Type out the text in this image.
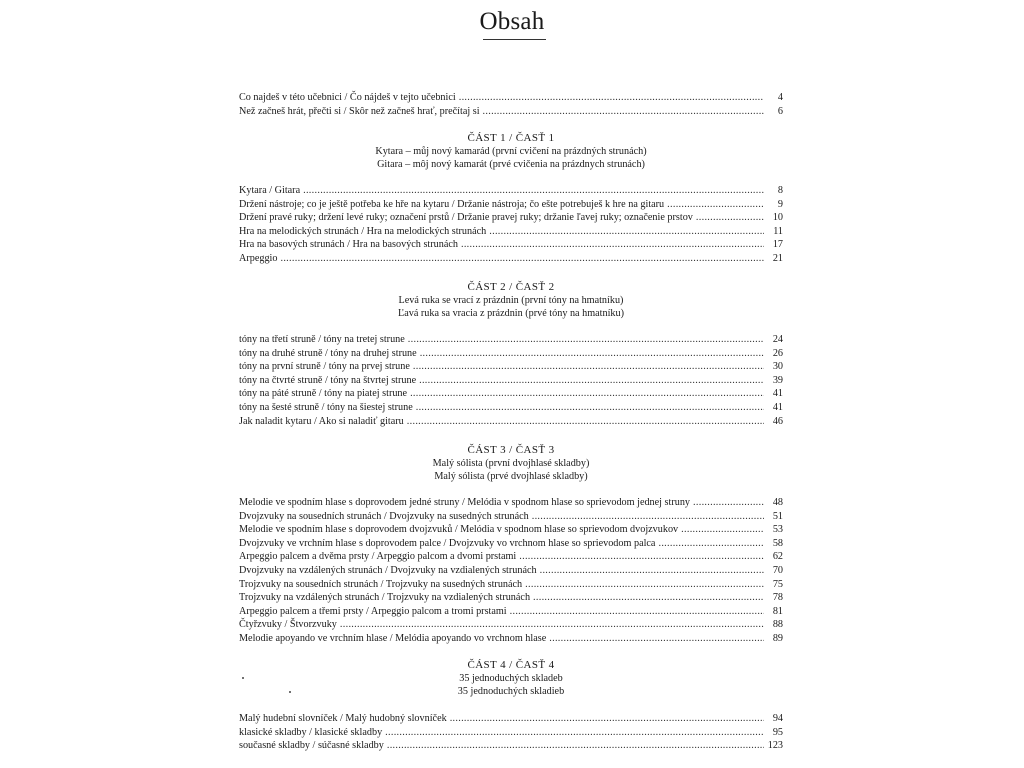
Obsah
Co najdeš v této učebnici / Čo nájdeš v tejto učebnici .....	4
Než začneš hrát, přečti si / Skôr než začneš hrať, prečítaj si .....	6
ČÁST 1 / ČASŤ 1
Kytara – můj nový kamarád (první cvičení na prázdných strunách)
Gitara – môj nový kamarát (prvé cvičenia na prázdnych strunách)
Kytara / Gitara .....	8
Držení nástroje; co je ještě potřeba ke hře na kytaru / Držanie nástroja; čo ešte potrebuješ k hre na gitaru .....	9
Držení pravé ruky; držení levé ruky; označení prstů / Držanie pravej ruky; držanie ľavej ruky; označenie prstov .....	10
Hra na melodických strunách / Hra na melodických strunách .....	11
Hra na basových strunách / Hra na basových strunách .....	17
Arpeggio .....	21
ČÁST 2 / ČASŤ 2
Levá ruka se vrací z prázdnin (první tóny na hmatníku)
Ľavá ruka sa vracia z prázdnin (prvé tóny na hmatníku)
tóny na třetí struně / tóny na tretej strune .....	24
tóny na druhé struně / tóny na druhej strune .....	26
tóny na první struně / tóny na prvej strune .....	30
tóny na čtvrté struně / tóny na štvrtej strune .....	39
tóny na páté struně / tóny na piatej strune .....	41
tóny na šesté struně / tóny na šiestej strune .....	41
Jak naladit kytaru / Ako si naladiť gitaru .....	46
ČÁST 3 / ČASŤ 3
Malý sólista (první dvojhlasé skladby)
Malý sólista (prvé dvojhlasé skladby)
Melodie ve spodním hlase s doprovodem jedné struny / Melódia v spodnom hlase so sprievodom jednej struny .....	48
Dvojzvuky na sousedních strunách / Dvojzvuky na susedných strunách .....	51
Melodie ve spodním hlase s doprovodem dvojzvuků / Melódia v spodnom hlase so sprievodom dvojzvukov .....	53
Dvojzvuky ve vrchním hlase s doprovodem palce / Dvojzvuky vo vrchnom hlase so sprievodom palca .....	58
Arpeggio palcem a dvěma prsty / Arpeggio palcom a dvomi prstami .....	62
Dvojzvuky na vzdálených strunách / Dvojzvuky na vzdialených strunách .....	70
Trojzvuky na sousedních strunách / Trojzvuky na susedných strunách .....	75
Trojzvuky na vzdálených strunách / Trojzvuky na vzdialených strunách .....	78
Arpeggio palcem a třemi prsty / Arpeggio palcom a tromi prstami .....	81
Čtyřzvuky / Štvorzvuky .....	88
Melodie apoyando ve vrchním hlase / Melódia apoyando vo vrchnom hlase .....	89
ČÁST 4 / ČASŤ 4
35 jednoduchých skladeb
35 jednoduchých skladieb
Malý hudební slovníček / Malý hudobný slovníček .....	94
klasické skladby / klasické skladby .....	95
současné skladby / súčasné skladby .....	123
